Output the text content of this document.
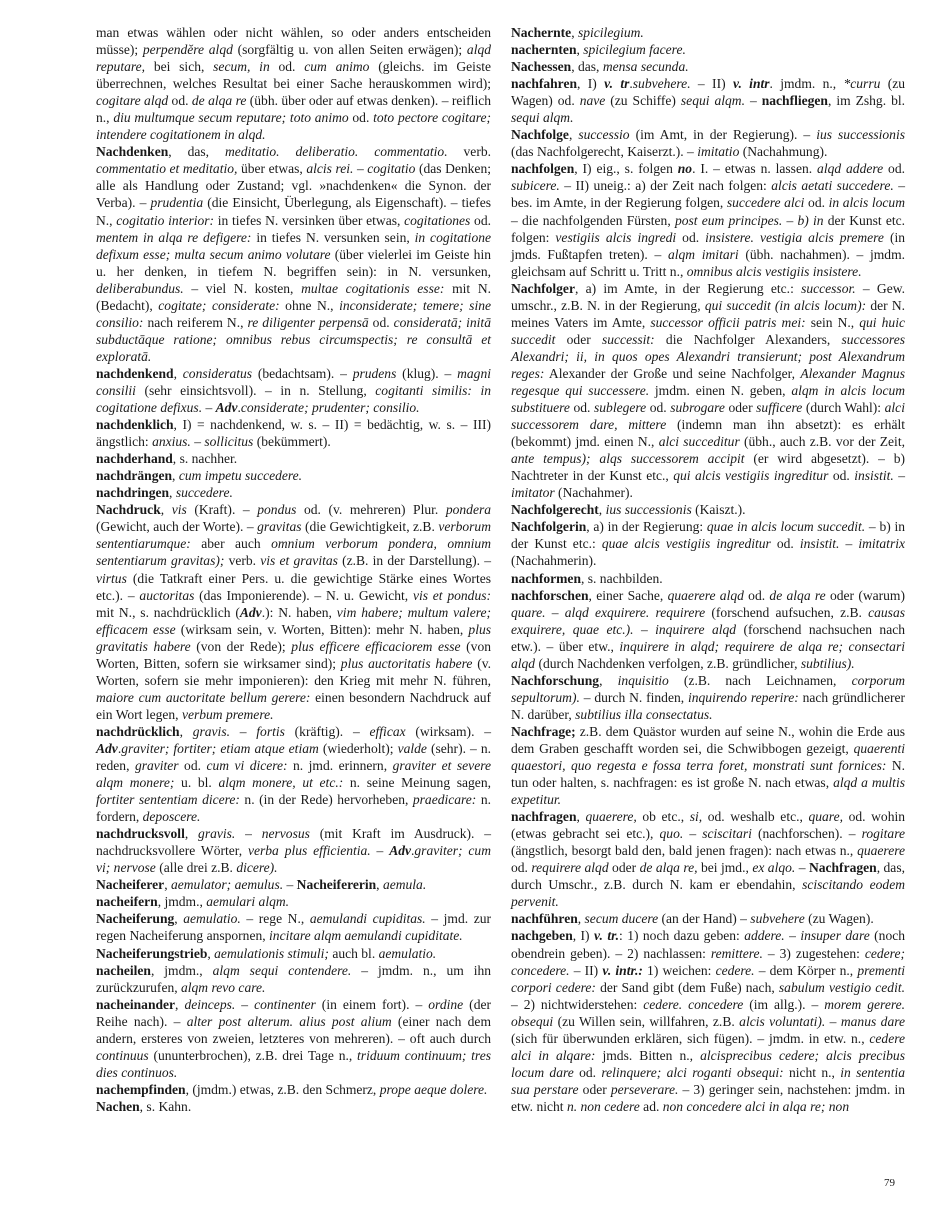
man etwas wählen oder nicht wählen, so oder anders entscheiden müsse); perpendĕre alqd (sorgfältig u. von allen Seiten erwägen); alqd reputare, bei sich, secum, in od. cum animo (gleichs. im Geiste überrechnen, welches Resultat bei einer Sache herauskommen wird); cogitare alqd od. de alqa re (übh. über oder auf etwas denken). – reiflich n., diu multumque secum reputare; toto animo od. toto pectore cogitare; intendere cogitationem in alqd.

Nachdenken, das, meditatio. deliberatio. commentatio. verb. commentatio et meditatio, über etwas, alcis rei. – cogitatio (das Denken; alle als Handlung oder Zustand; vgl. »nachdenken« die Synon. der Verba). – prudentia (die Einsicht, Überlegung, als Eigenschaft). – tiefes N., cogitatio interior: in tiefes N. versinken über etwas, cogitationes od. mentem in alqa re defigere: in tiefes N. versunken sein, in cogitatione defixum esse; multa secum animo volutare (über vielerlei im Geiste hin u. her denken, in tiefem N. begriffen sein): in N. versunken, deliberabundus. – viel N. kosten, multae cogitationis esse: mit N. (Bedacht), cogitate; considerate: ohne N., inconsiderate; temere; sine consilio: nach reiferem N., re diligenter perpensā od. consideratā; initā subductāque ratione; omnibus rebus circumspectis; re consultā et exploratā.

nachdenkend, consideratus (bedachtsam). – prudens (klug). – magni consilii (sehr einsichtsvoll). – in n. Stellung, cogitanti similis: in cogitatione defixus. – Adv.considerate; prudenter; consilio.

nachdenklich, I) = nachdenkend, w. s. – II) = bedächtig, w. s. – III) ängstlich: anxius. – sollicitus (bekümmert).

nachderhand, s. nachher.

nachdrängen, cum impetu succedere.

nachdringen, succedere.

Nachdruck, vis (Kraft). – pondus od. (v. mehreren) Plur. pondera (Gewicht, auch der Worte). – gravitas (die Gewichtigkeit, z.B. verborum sententiarumque: aber auch omnium verborum pondera, omnium sententiarum gravitas); verb. vis et gravitas (z.B. in der Darstellung). – virtus (die Tatkraft einer Pers. u. die gewichtige Stärke eines Wortes etc.). – auctoritas (das Imponierende). – N. u. Gewicht, vis et pondus: mit N., s. nachdrücklich (Adv.): N. haben, vim habere; multum valere; efficacem esse (wirksam sein, v. Worten, Bitten): mehr N. haben, plus gravitatis habere (von der Rede); plus efficere efficaciorem esse (von Worten, Bitten, sofern sie wirksamer sind); plus auctoritatis habere (v. Worten, sofern sie mehr imponieren): den Krieg mit mehr N. führen, maiore cum auctoritate bellum gerere: einen besondern Nachdruck auf ein Wort legen, verbum premere.

nachdrücklich, gravis. – fortis (kräftig). – efficax (wirksam). – Adv.graviter; fortiter; etiam atque etiam (wiederholt); valde (sehr). – n. reden, graviter od. cum vi dicere: n. jmd. erinnern, graviter et severe alqm monere; u. bl. alqm monere, ut etc.: n. seine Meinung sagen, fortiter sententiam dicere: n. (in der Rede) hervorheben, praedicare: n. fordern, deposcere.

nachdrucksvoll, gravis. – nervosus (mit Kraft im Ausdruck). – nachdrucksvollere Wörter, verba plus efficientia. – Adv.graviter; cum vi; nervose (alle drei z.B. dicere).

Nacheiferer, aemulator; aemulus. – Nacheifererin, aemula.

nacheifern, jmdm., aemulari alqm.

Nacheiferung, aemulatio. – rege N., aemulandi cupiditas. – jmd. zur regen Nacheiferung anspornen, incitare alqm aemulandi cupiditate.

Nacheiferungstrieb, aemulationis stimuli; auch bl. aemulatio.

nacheilen, jmdm., alqm sequi contendere. – jmdm. n., um ihn zurückzurufen, alqm revo care.

nacheinander, deinceps. – continenter (in einem fort). – ordine (der Reihe nach). – alter post alterum. alius post alium (einer nach dem andern, ersteres von zweien, letzteres von mehreren). – oft auch durch continuus (ununterbrochen), z.B. drei Tage n., triduum continuum; tres dies continuos.

nachempfinden, (jmdm.) etwas, z.B. den Schmerz, prope aeque dolere.

Nachen, s. Kahn.

Nachernte, spicilegium.

nachernten, spicilegium facere.

Nachessen, das, mensa secunda.

nachfahren, I) v. tr.subvehere. – II) v. intr. jmdm. n., *curru (zu Wagen) od. nave (zu Schiffe) sequi alqm. – nachfliegen, im Zshg. bl. sequi alqm.

Nachfolge, successio (im Amt, in der Regierung). – ius successionis (das Nachfolgerecht, Kaiserzt.). – imitatio (Nachahmung).

nachfolgen, I) eig., s. folgen no. I. – etwas n. lassen. alqd addere od. subicere. – II) uneig.: a) der Zeit nach folgen: alcis aetati succedere. – bes. im Amte, in der Regierung folgen, succedere alci od. in alcis locum – die nachfolgenden Fürsten, post eum principes. – b) in der Kunst etc. folgen: vestigiis alcis ingredi od. insistere. vestigia alcis premere (in jmds. Fußtapfen treten). – alqm imitari (übh. nachahmen). – jmdm. gleichsam auf Schritt u. Tritt n., omnibus alcis vestigiis insistere.

Nachfolger, a) im Amte, in der Regierung etc.: successor. – Gew. umschr., z.B. N. in der Regierung, qui succedit (in alcis locum): der N. meines Vaters im Amte, successor officii patris mei: sein N., qui huic succedit oder successit: die Nachfolger Alexanders, successores Alexandri; ii, in quos opes Alexandri transierunt; post Alexandrum reges: Alexander der Große und seine Nachfolger, Alexander Magnus regesque qui successere. jmdm. einen N. geben, alqm in alcis locum substituere od. sublegere od. subrogare oder sufficere (durch Wahl): alci successorem dare, mittere (indemn man ihn absetzt): es erhält (bekommt) jmd. einen N., alci succeditur (übh., auch z.B. vor der Zeit, ante tempus); alqs successorem accipit (er wird abgesetzt). – b) Nachtreter in der Kunst etc., qui alcis vestigiis ingreditur od. insistit. – imitator (Nachahmer).

Nachfolgerecht, ius successionis (Kaiszt.).

Nachfolgerin, a) in der Regierung: quae in alcis locum succedit. – b) in der Kunst etc.: quae alcis vestigiis ingreditur od. insistit. – imitatrix (Nachahmerin).

nachformen, s. nachbilden.

nachforschen, einer Sache, quaerere alqd od. de alqa re oder (warum) quare. – alqd exquirere. requirere (forschend aufsuchen, z.B. causas exquirere, quae etc.). – inquirere alqd (forschend nachsuchen nach etw.). – über etw., inquirere in alqd; requirere de alqa re; consectari alqd (durch Nachdenken verfolgen, z.B. gründlicher, subtilius).

Nachforschung, inquisitio (z.B. nach Leichnamen, corporum sepultorum). – durch N. finden, inquirendo reperire: nach gründlicherer N. darüber, subtilius illa consectatus.

Nachfrage; z.B. dem Quästor wurden auf seine N., wohin die Erde aus dem Graben geschafft worden sei, die Schwibbogen gezeigt, quaerenti quaestori, quo regesta e fossa terra foret, monstrati sunt fornices: N. tun oder halten, s. nachfragen: es ist große N. nach etwas, alqd a multis expetitur.

nachfragen, quaerere, ob etc., si, od. weshalb etc., quare, od. wohin (etwas gebracht sei etc.), quo. – sciscitari (nachforschen). – rogitare (ängstlich, besorgt bald den, bald jenen fragen): nach etwas n., quaerere od. requirere alqd oder de alqa re, bei jmd., ex alqo. – Nachfragen, das, durch Umschr., z.B. durch N. kam er ebendahin, sciscitando eodem pervenit.

nachführen, secum ducere (an der Hand) – subvehere (zu Wagen).

nachgeben, I) v. tr.: 1) noch dazu geben: addere. – insuper dare (noch obendrein geben). – 2) nachlassen: remittere. – 3) zugestehen: cedere; concedere. – II) v. intr.: 1) weichen: cedere. – dem Körper n., prementi corpori cedere: der Sand gibt (dem Fuße) nach, sabulum vestigio cedit. – 2) nichtwiderstehen: cedere. concedere (im allg.). – morem gerere. obsequi (zu Willen sein, willfahren, z.B. alcis voluntati). – manus dare (sich für überwunden erklären, sich fügen). – jmdm. in etw. n., cedere alci in alqare: jmds. Bitten n., alcisprecibus cedere; alcis precibus locum dare od. relinquere; alci roganti obsequi: nicht n., in sententia sua perstare oder perseverare. – 3) geringer sein, nachstehen: jmdm. in etw. nicht n. non cedere ad. non concedere alci in alqa re; non

79
